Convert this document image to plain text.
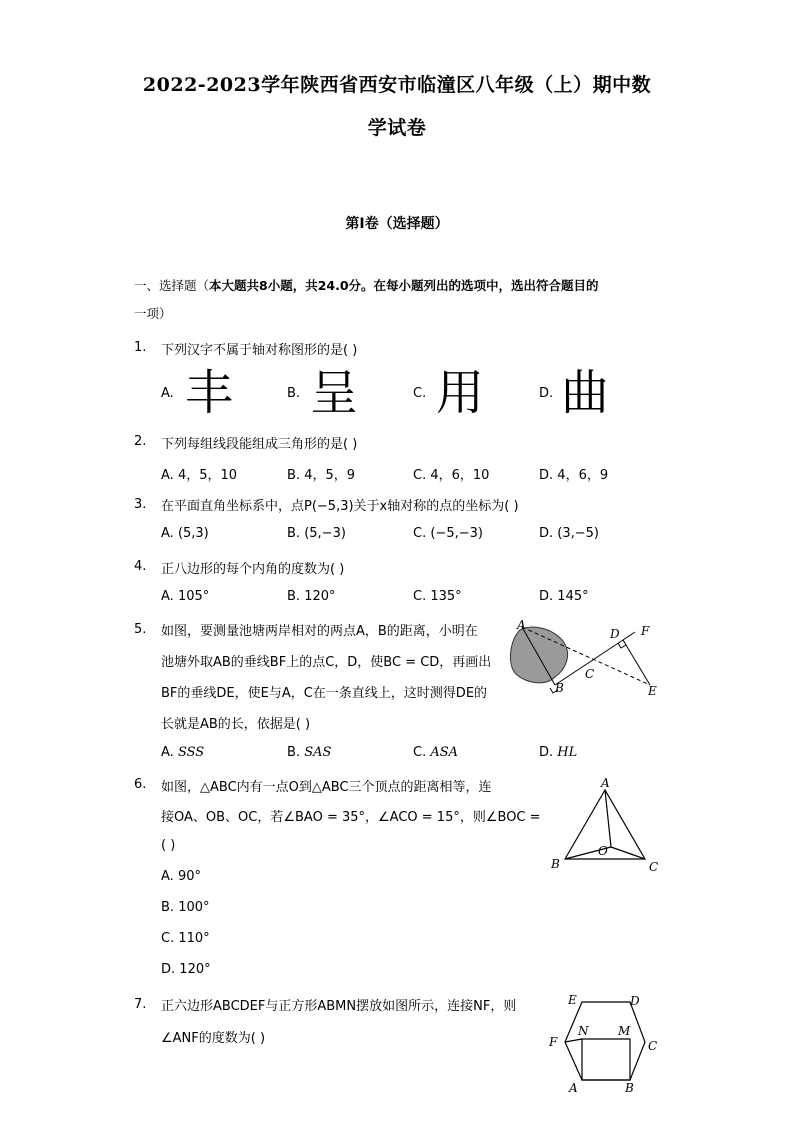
2022-2023学年陕西省西安市临潼区八年级（上）期中数
学试卷
第Ⅰ卷（选择题）
一、选择题（本大题共8小题，共24.0分。在每小题列出的选项中，选出符合题目的
一项）
1. 下列汉字不属于轴对称图形的是( )
A. 丰	B. 呈	C. 用	D. 曲
2. 下列每组线段能组成三角形的是( )
A. 4，5，10	B. 4，5，9	C. 4，6，10	D. 4，6，9
3. 在平面直角坐标系中，点P(−5,3)关于x轴对称的点的坐标为( )
A. (5,3)	B. (5,−3)	C. (−5,−3)	D. (3,−5)
4. 正八边形的每个内角的度数为( )
A. 105°	B. 120°	C. 135°	D. 145°
5. 如图，要测量池塘两岸相对的两点A，B的距离，小明在
池塘外取AB的垂线BF上的点C，D，使BC = CD，再画出
BF的垂线DE，使E与A，C在一条直线上，这时测得DE的
长就是AB的长，依据是( )
A. SSS	B. SAS	C. ASA	D. HL
A
B
C
D
E
F
6. 如图，△ABC内有一点O到△ABC三个顶点的距离相等，连
接OA、OB、OC，若∠BAO = 35°，∠ACO = 15°，则∠BOC =
( )
A. 90°
B. 100°
C. 110°
D. 120°
A
B	C
O
7. 正六边形ABCDEF与正方形ABMN摆放如图所示，连接NF，则
∠ANF的度数为( )
E	D
F	C
N M
A	B
